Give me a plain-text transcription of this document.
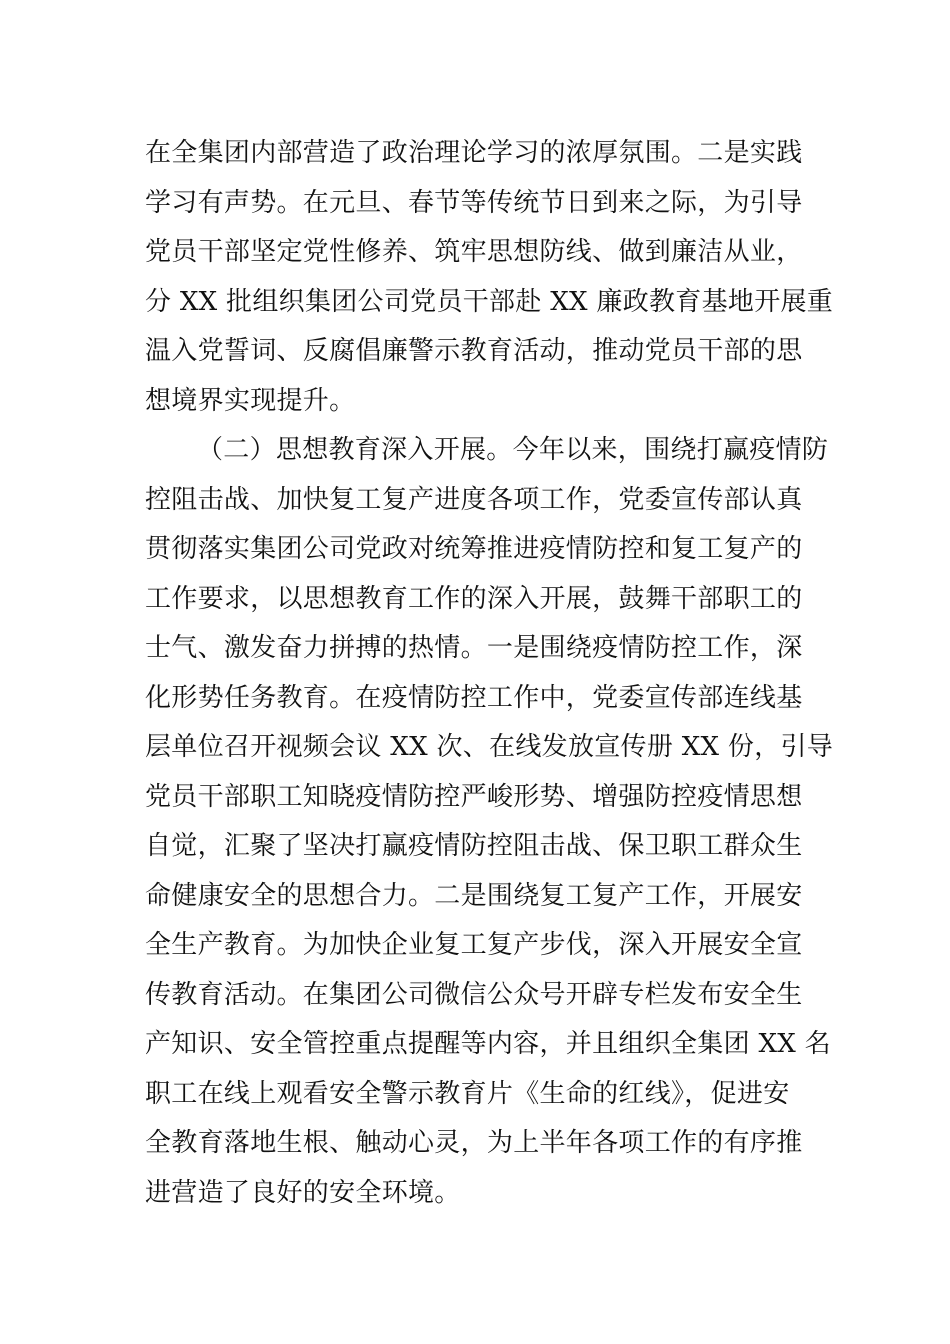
在全集团内部营造了政治理论学习的浓厚氛围。二是实践
学习有声势。在元旦、春节等传统节日到来之际，为引导
党员干部坚定党性修养、筑牢思想防线、做到廉洁从业，
分 XX 批组织集团公司党员干部赴 XX 廉政教育基地开展重
温入党誓词、反腐倡廉警示教育活动，推动党员干部的思
想境界实现提升。
（二）思想教育深入开展。今年以来，围绕打赢疫情防
控阻击战、加快复工复产进度各项工作，党委宣传部认真
贯彻落实集团公司党政对统筹推进疫情防控和复工复产的
工作要求，以思想教育工作的深入开展，鼓舞干部职工的
士气、激发奋力拼搏的热情。一是围绕疫情防控工作，深
化形势任务教育。在疫情防控工作中，党委宣传部连线基
层单位召开视频会议 XX 次、在线发放宣传册 XX 份，引导
党员干部职工知晓疫情防控严峻形势、增强防控疫情思想
自觉，汇聚了坚决打赢疫情防控阻击战、保卫职工群众生
命健康安全的思想合力。二是围绕复工复产工作，开展安
全生产教育。为加快企业复工复产步伐，深入开展安全宣
传教育活动。在集团公司微信公众号开辟专栏发布安全生
产知识、安全管控重点提醒等内容，并且组织全集团 XX 名
职工在线上观看安全警示教育片《生命的红线》，促进安
全教育落地生根、触动心灵，为上半年各项工作的有序推
进营造了良好的安全环境。
